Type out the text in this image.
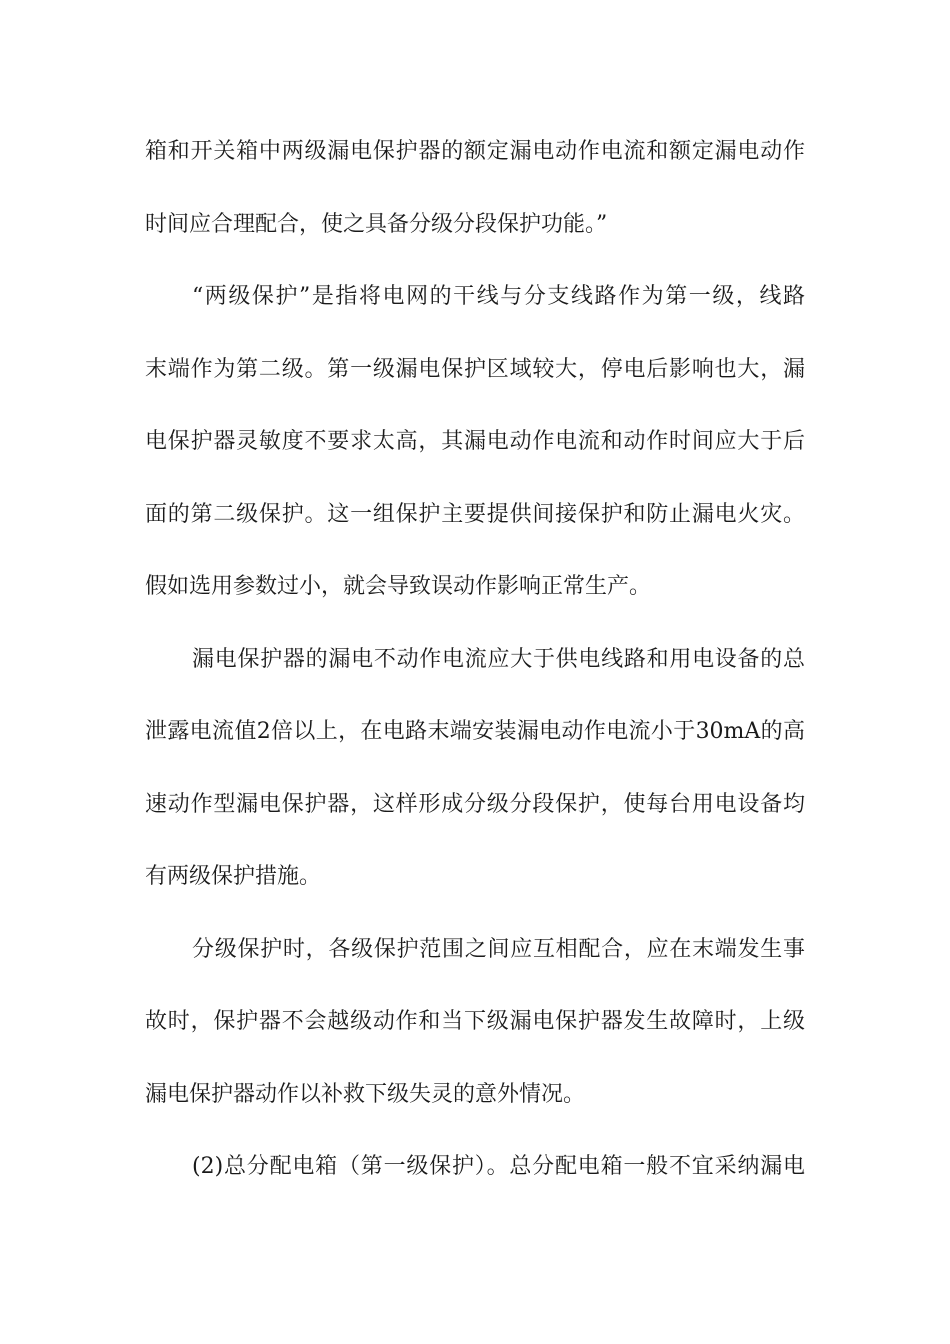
箱和开关箱中两级漏电保护器的额定漏电动作电流和额定漏电动作
时间应合理配合，使之具备分级分段保护功能。”
“两级保护”是指将电网的干线与分支线路作为第一级，线路
末端作为第二级。第一级漏电保护区域较大，停电后影响也大，漏
电保护器灵敏度不要求太高，其漏电动作电流和动作时间应大于后
面的第二级保护。这一组保护主要提供间接保护和防止漏电火灾。
假如选用参数过小，就会导致误动作影响正常生产。
漏电保护器的漏电不动作电流应大于供电线路和用电设备的总
泄露电流值2倍以上，在电路末端安装漏电动作电流小于30mA的高
速动作型漏电保护器，这样形成分级分段保护，使每台用电设备均
有两级保护措施。
分级保护时，各级保护范围之间应互相配合，应在末端发生事
故时，保护器不会越级动作和当下级漏电保护器发生故障时，上级
漏电保护器动作以补救下级失灵的意外情况。
(2)总分配电箱（第一级保护）。总分配电箱一般不宜采纳漏电
